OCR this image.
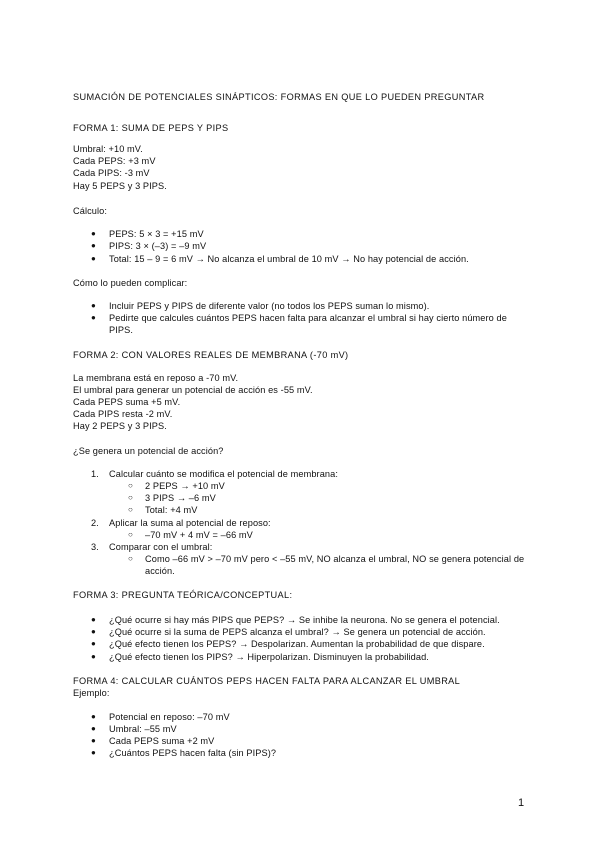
SUMACIÓN DE POTENCIALES SINÁPTICOS: FORMAS EN QUE LO PUEDEN PREGUNTAR
FORMA 1: SUMA DE PEPS Y PIPS
Umbral: +10 mV.
Cada PEPS: +3 mV
Cada PIPS: -3 mV
Hay 5 PEPS y 3 PIPS.
Cálculo:
● PEPS: 5 × 3 = +15 mV
● PIPS: 3 × (–3) = –9 mV
● Total: 15 – 9 = 6 mV → No alcanza el umbral de 10 mV → No hay potencial de acción.
Cómo lo pueden complicar:
● Incluir PEPS y PIPS de diferente valor (no todos los PEPS suman lo mismo).
● Pedirte que calcules cuántos PEPS hacen falta para alcanzar el umbral si hay cierto número de
PIPS.
FORMA 2: CON VALORES REALES DE MEMBRANA (-70 mV)
La membrana está en reposo a -70 mV.
El umbral para generar un potencial de acción es -55 mV.
Cada PEPS suma +5 mV.
Cada PIPS resta -2 mV.
Hay 2 PEPS y 3 PIPS.
¿Se genera un potencial de acción?
1. Calcular cuánto se modifica el potencial de membrana:
○ 2 PEPS → +10 mV
○ 3 PIPS → –6 mV
○ Total: +4 mV
2. Aplicar la suma al potencial de reposo:
○ –70 mV + 4 mV = –66 mV
3. Comparar con el umbral:
○ Como –66 mV > –70 mV pero < –55 mV, NO alcanza el umbral, NO se genera potencial de
acción.
FORMA 3: PREGUNTA TEÓRICA/CONCEPTUAL:
● ¿Qué ocurre si hay más PIPS que PEPS? → Se inhibe la neurona. No se genera el potencial.
● ¿Qué ocurre si la suma de PEPS alcanza el umbral? → Se genera un potencial de acción.
● ¿Qué efecto tienen los PEPS? → Despolarizan. Aumentan la probabilidad de que dispare.
● ¿Qué efecto tienen los PIPS? → Hiperpolarizan. Disminuyen la probabilidad.
FORMA 4: CALCULAR CUÁNTOS PEPS HACEN FALTA PARA ALCANZAR EL UMBRAL
Ejemplo:
● Potencial en reposo: –70 mV
● Umbral: –55 mV
● Cada PEPS suma +2 mV
● ¿Cuántos PEPS hacen falta (sin PIPS)?
1
